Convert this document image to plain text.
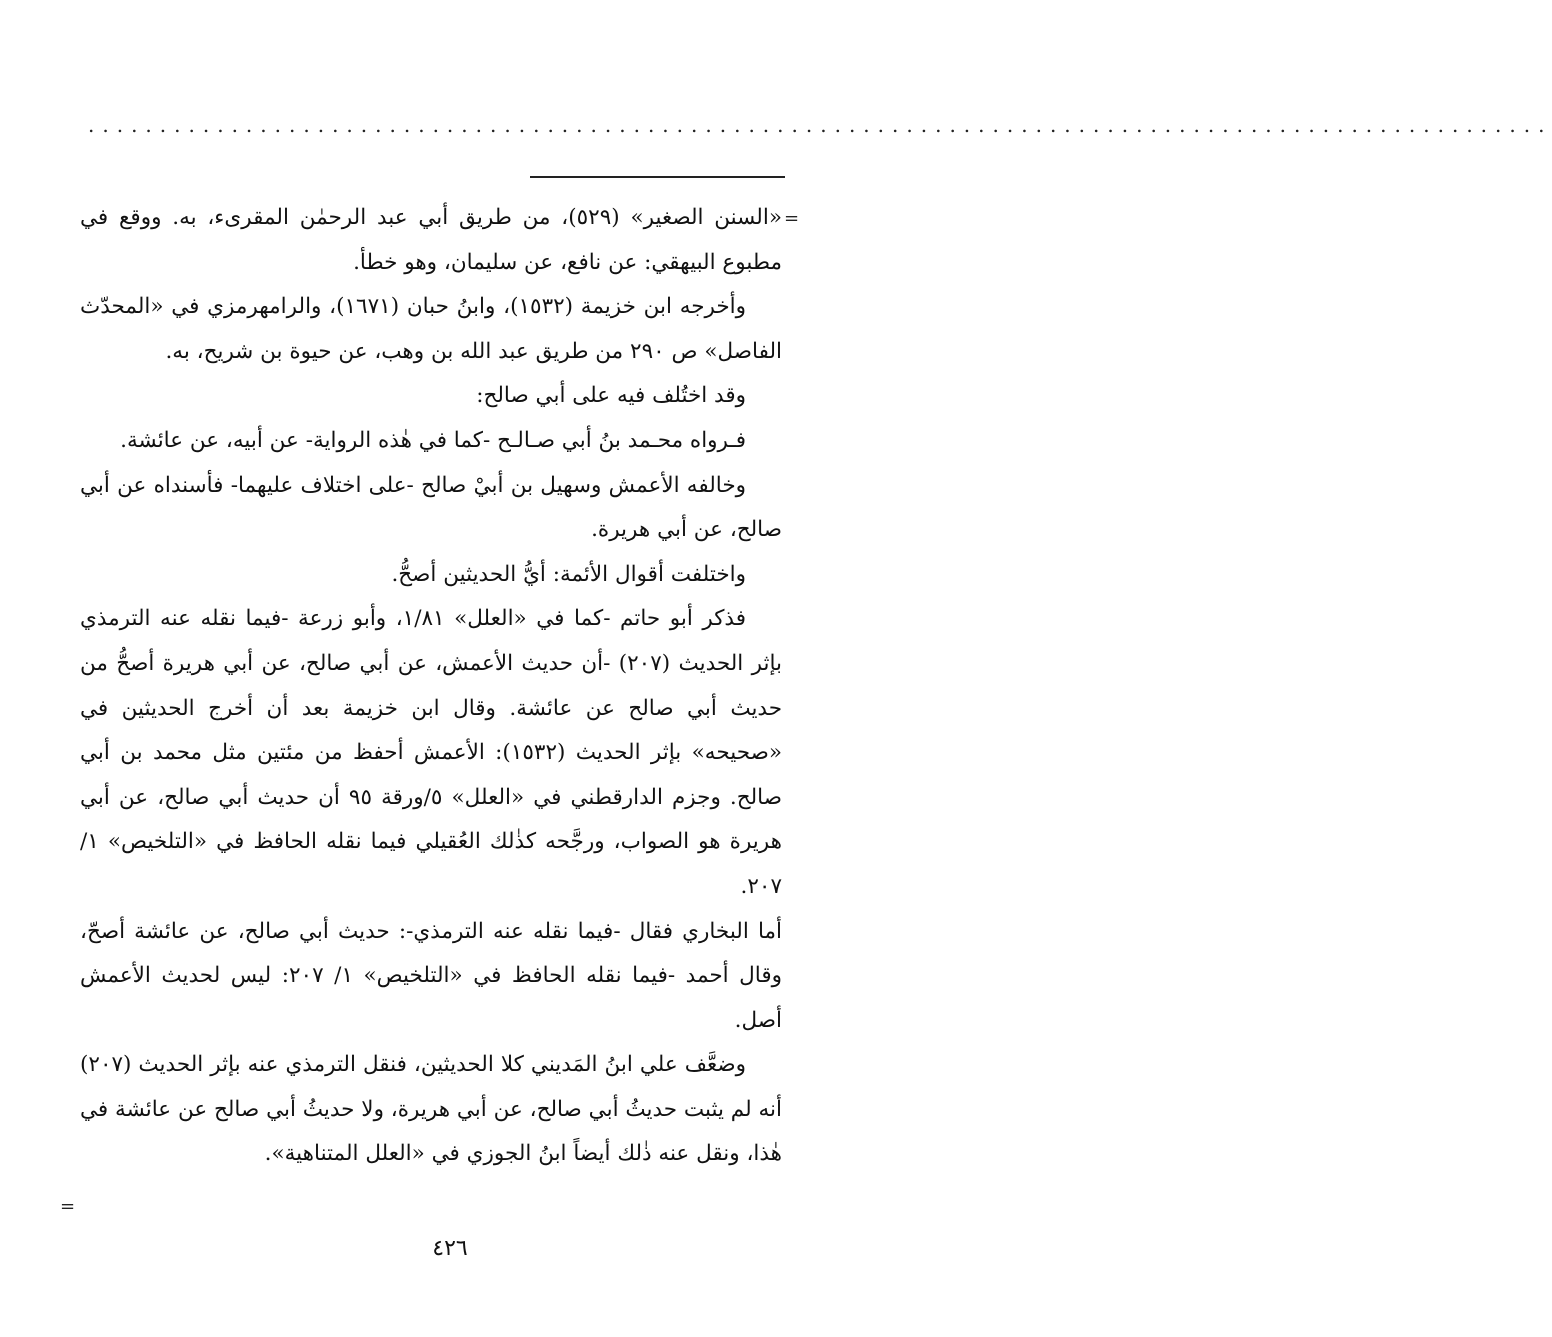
......................................................................................................
=

«السنن الصغير» (٥٢٩)، من طريق أبي عبد الرحمٰن المقرىء، به. ووقع في مطبوع البيهقي: عن نافع، عن سليمان، وهو خطأ.

وأخرجه ابن خزيمة (١٥٣٢)، وابنُ حبان (١٦٧١)، والرامهرمزي في «المحدّث الفاصل» ص ٢٩٠ من طريق عبد الله بن وهب، عن حيوة بن شريح، به.

وقد اختُلف فيه على أبي صالح:

فـرواه محـمد بنُ أبي صـالـح -كما في هٰذه الرواية- عن أبيه، عن عائشة.

وخالفه الأعمش وسهيل بن أبيْ صالح -على اختلاف عليهما- فأسنداه عن أبي صالح، عن أبي هريرة.

واختلفت أقوال الأئمة: أيُّ الحديثين أصحُّ.

فذكر أبو حاتم -كما في «العلل» ١/٨١، وأبو زرعة -فيما نقله عنه الترمذي بإثر الحديث (٢٠٧) -أن حديث الأعمش، عن أبي صالح، عن أبي هريرة أصحُّ من حديث أبي صالح عن عائشة. وقال ابن خزيمة بعد أن أخرج الحديثين في «صحيحه» بإثر الحديث (١٥٣٢): الأعمش أحفظ من مئتين مثل محمد بن أبي صالح. وجزم الدارقطني في «العلل» ٥/ورقة ٩٥ أن حديث أبي صالح، عن أبي هريرة هو الصواب، ورجَّحه كذٰلك العُقيلي فيما نقله الحافظ في «التلخيص» ١/ ٢٠٧.

أما البخاري فقال -فيما نقله عنه الترمذي-: حديث أبي صالح، عن عائشة أصحّ، وقال أحمد -فيما نقله الحافظ في «التلخيص» ١/ ٢٠٧: ليس لحديث الأعمش أصل.

وضعَّف علي ابنُ المَديني كلا الحديثين، فنقل الترمذي عنه بإثر الحديث (٢٠٧) أنه لم يثبت حديثُ أبي صالح، عن أبي هريرة، ولا حديثُ أبي صالح عن عائشة في هٰذا، ونقل عنه ذٰلك أيضاً ابنُ الجوزي في «العلل المتناهية».

=
٤٢٦
